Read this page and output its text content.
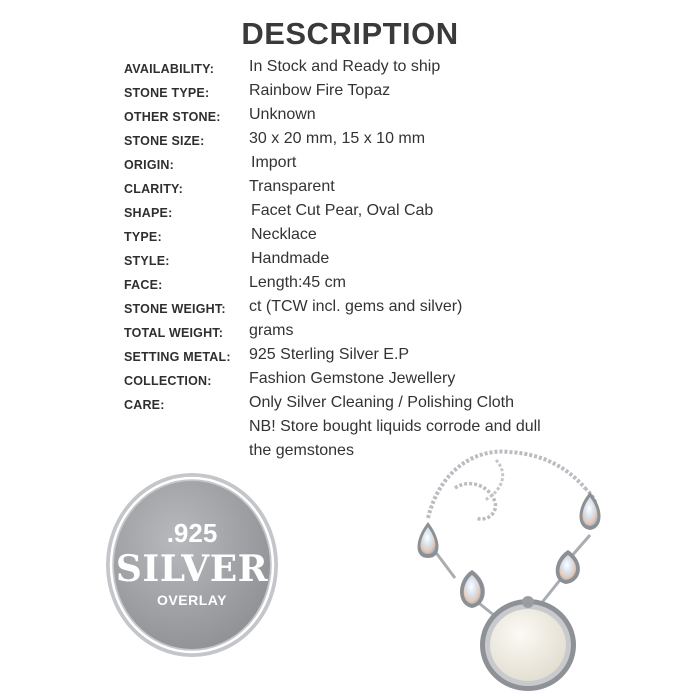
DESCRIPTION
AVAILABILITY: In Stock and Ready to ship
STONE TYPE: Rainbow Fire Topaz
OTHER STONE: Unknown
STONE SIZE:	30 x 20 mm, 15 x 10 mm
ORIGIN:	Import
CLARITY:	Transparent
SHAPE:	Facet Cut Pear, Oval Cab
TYPE:	Necklace
STYLE:	Handmade
FACE:	Length:45 cm
STONE WEIGHT: ct (TCW incl. gems and silver)
TOTAL WEIGHT: grams
SETTING METAL: 925 Sterling Silver E.P
COLLECTION: Fashion Gemstone Jewellery
CARE:	Only Silver Cleaning / Polishing Cloth
NB! Store bought liquids corrode and dull
the gemstones
.925
SILVER
OVERLAY
